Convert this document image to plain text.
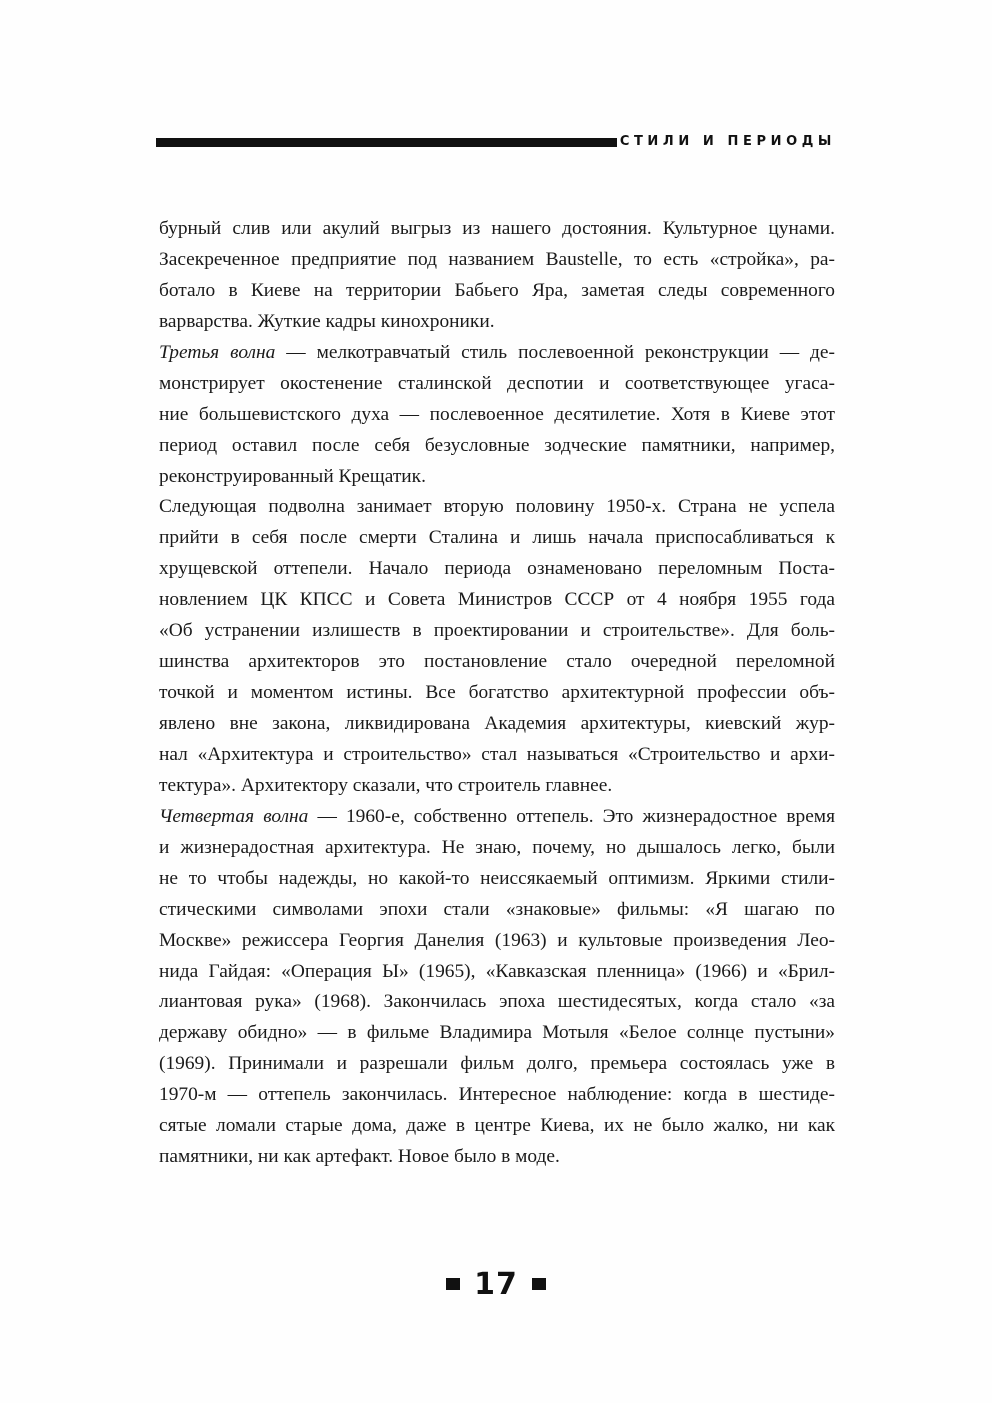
СТИЛИ И ПЕРИОДЫ
бурный слив или акулий выгрыз из нашего достояния. Культурное цунами.
Засекреченное предприятие под названием Baustelle, то есть «стройка», ра-
ботало в Киеве на территории Бабьего Яра, заметая следы современного
варварства. Жуткие кадры кинохроники.
Третья волна — мелкотравчатый стиль послевоенной реконструкции — де-
монстрирует окостенение сталинской деспотии и соответствующее угаса-
ние большевистского духа — послевоенное десятилетие. Хотя в Киеве этот
период оставил после себя безусловные зодческие памятники, например,
реконструированный Крещатик.
Следующая подволна занимает вторую половину 1950-х. Страна не успела
прийти в себя после смерти Сталина и лишь начала приспосабливаться к
хрущевской оттепели. Начало периода ознаменовано переломным Поста-
новлением ЦК КПСС и Совета Министров СССР от 4 ноября 1955 года
«Об устранении излишеств в проектировании и строительстве». Для боль-
шинства архитекторов это постановление стало очередной переломной
точкой и моментом истины. Все богатство архитектурной профессии объ-
явлено вне закона, ликвидирована Академия архитектуры, киевский жур-
нал «Архитектура и строительство» стал называться «Строительство и архи-
тектура». Архитектору сказали, что строитель главнее.
Четвертая волна — 1960-е, собственно оттепель. Это жизнерадостное время
и жизнерадостная архитектура. Не знаю, почему, но дышалось легко, были
не то чтобы надежды, но какой-то неиссякаемый оптимизм. Яркими стили-
стическими символами эпохи стали «знаковые» фильмы: «Я шагаю по
Москве» режиссера Георгия Данелия (1963) и культовые произведения Лео-
нида Гайдая: «Операция Ы» (1965), «Кавказская пленница» (1966) и «Брил-
лиантовая рука» (1968). Закончилась эпоха шестидесятых, когда стало «за
державу обидно» — в фильме Владимира Мотыля «Белое солнце пустыни»
(1969). Принимали и разрешали фильм долго, премьера состоялась уже в
1970-м — оттепель закончилась. Интересное наблюдение: когда в шестиде-
сятые ломали старые дома, даже в центре Киева, их не было жалко, ни как
памятники, ни как артефакт. Новое было в моде.
17
